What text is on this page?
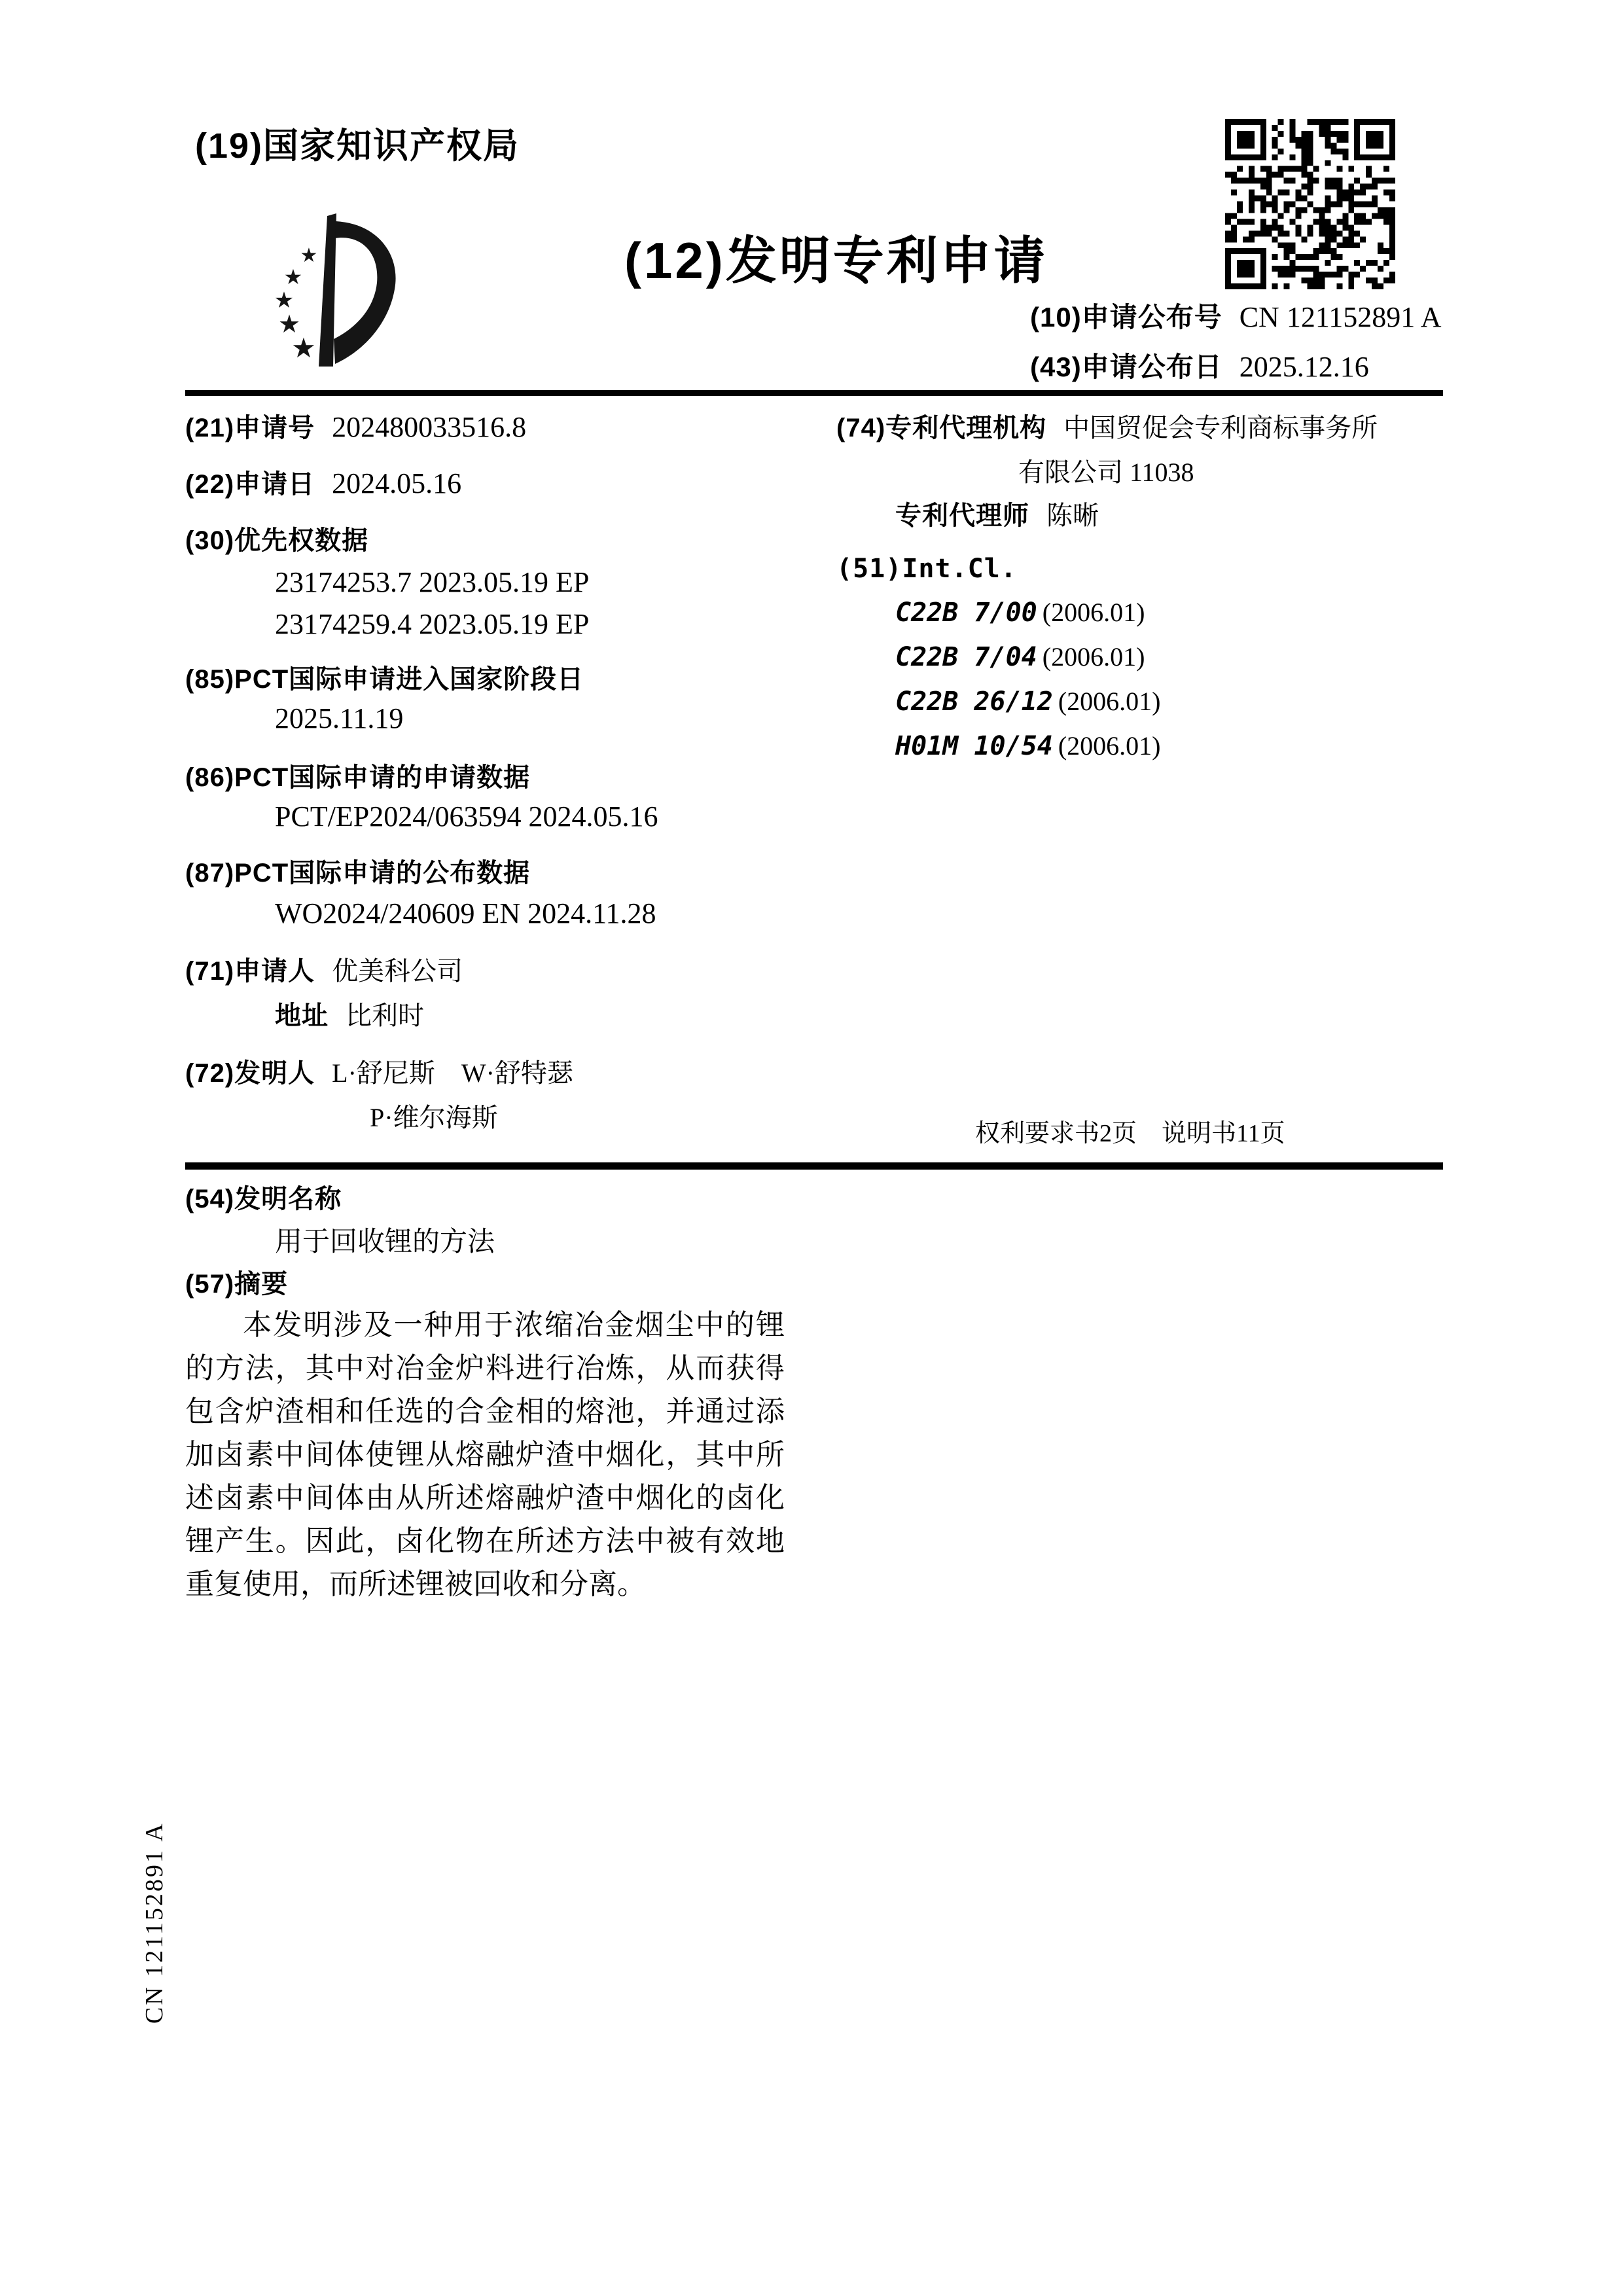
(19)国家知识产权局
★
★
★
★
★
(12)发明专利申请
(10)申请公布号 CN 121152891 A
(43)申请公布日 2025.12.16
(21)申请号 202480033516.8
(22)申请日 2024.05.16
(30)优先权数据
23174253.7 2023.05.19 EP
23174259.4 2023.05.19 EP
(85)PCT国际申请进入国家阶段日
2025.11.19
(86)PCT国际申请的申请数据
PCT/EP2024/063594 2024.05.16
(87)PCT国际申请的公布数据
WO2024/240609 EN 2024.11.28
(71)申请人 优美科公司
地址 比利时
(72)发明人 L·舒尼斯　W·舒特瑟
P·维尔海斯
(74)专利代理机构 中国贸促会专利商标事务所
有限公司 11038
专利代理师 陈晰
(51)Int.Cl.
C22B 7/00 (2006.01)
C22B 7/04 (2006.01)
C22B 26/12 (2006.01)
H01M 10/54 (2006.01)
权利要求书2页　说明书11页
(54)发明名称
用于回收锂的方法
(57)摘要
本发明涉及一种用于浓缩冶金烟尘中的锂的方法，其中对冶金炉料进行冶炼，从而获得包含炉渣相和任选的合金相的熔池，并通过添加卤素中间体使锂从熔融炉渣中烟化，其中所述卤素中间体由从所述熔融炉渣中烟化的卤化锂产生。因此，卤化物在所述方法中被有效地重复使用，而所述锂被回收和分离。
CN 121152891 A
